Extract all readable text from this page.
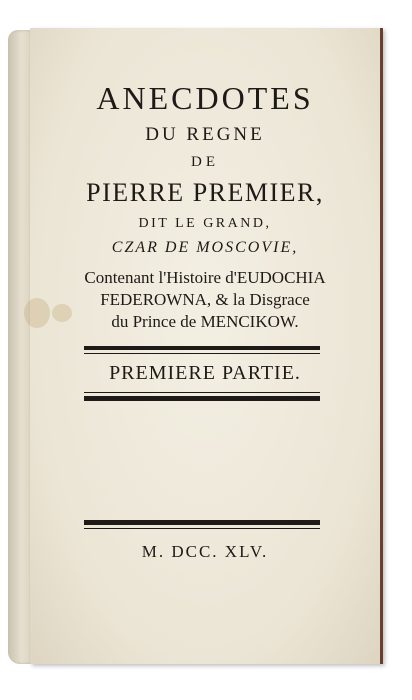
ANECDOTES
DU REGNE
DE
PIERRE PREMIER,
DIT LE GRAND,
CZAR DE MOSCOVIE,
Contenant l'Histoire d'EUDOCHIA
FEDEROWNA, & la Disgrace
du Prince de MENCIKOW.
PREMIERE PARTIE.
M. DCC. XLV.
